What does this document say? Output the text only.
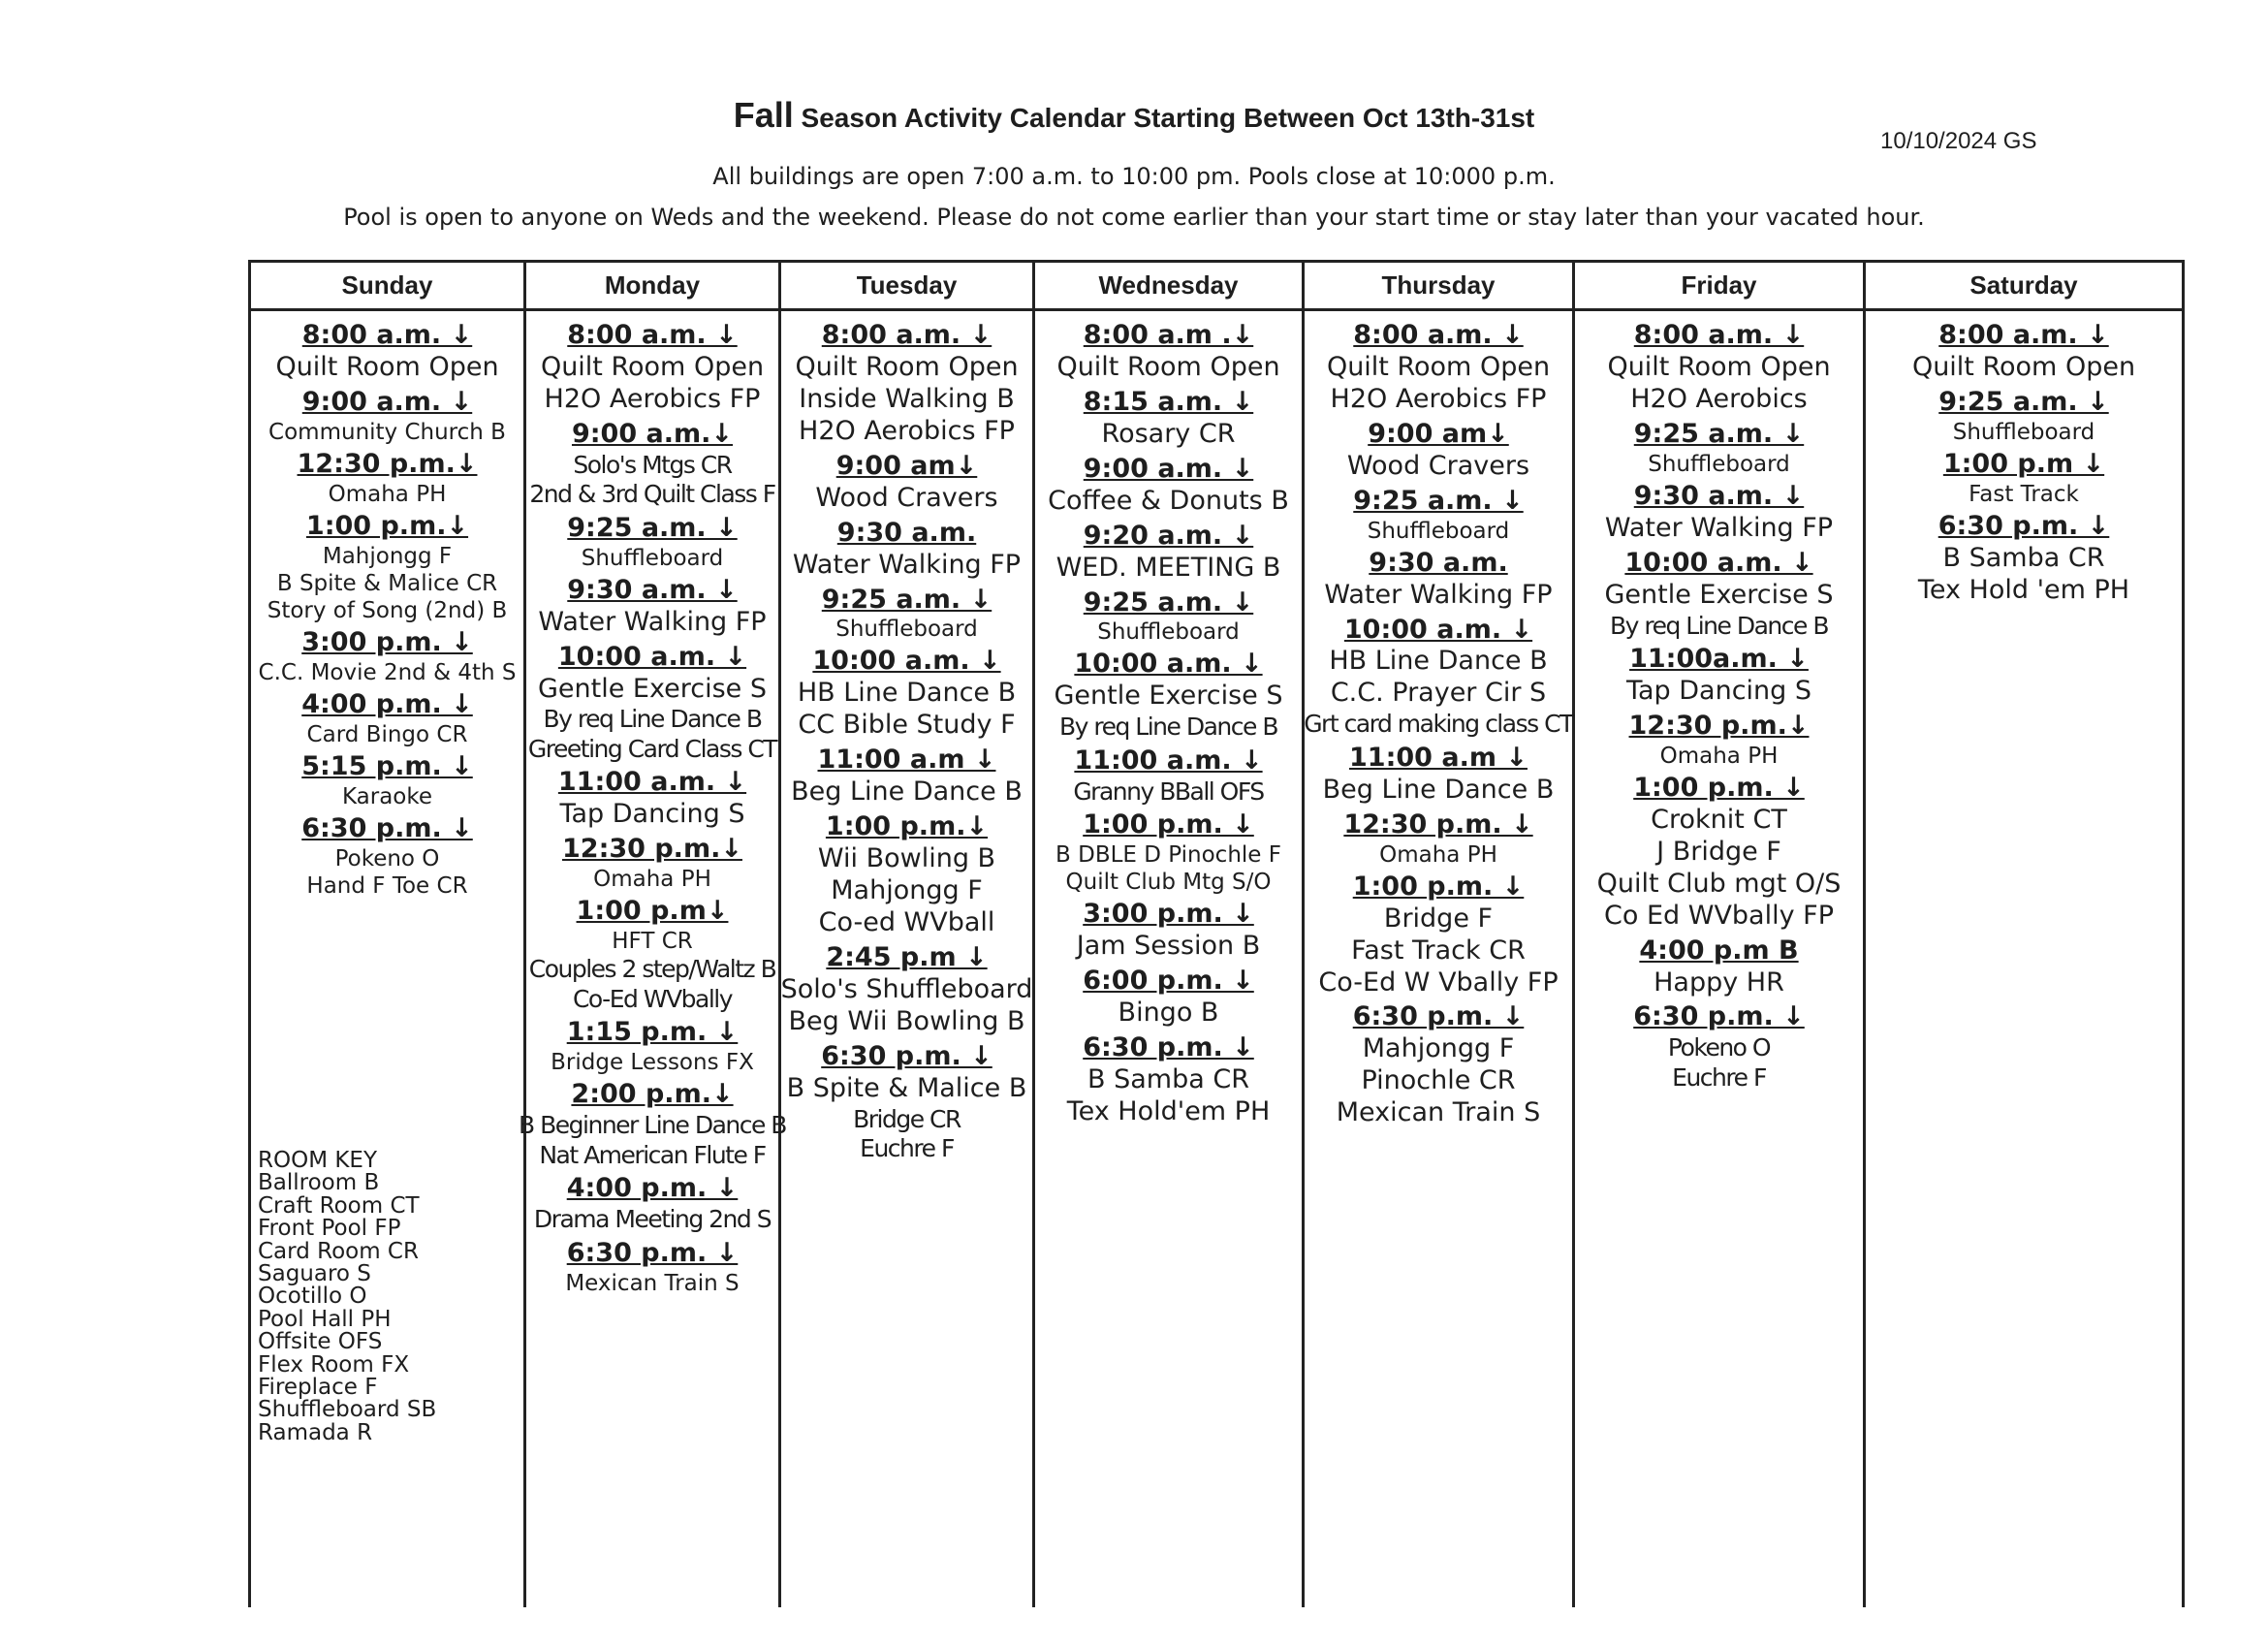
Fall Season Activity Calendar Starting Between Oct 13th-31st
10/10/2024 GS
All buildings are open 7:00 a.m. to 10:00 pm. Pools close at 10:000 p.m.
Pool is open to anyone on Weds and the weekend. Please do not come earlier than your start time or stay later than your vacated hour.
Sunday
8:00 a.m. ↓
Quilt Room Open
9:00 a.m. ↓
Community Church B
12:30 p.m.↓
Omaha PH
1:00 p.m.↓
Mahjongg F
B Spite & Malice CR
Story of Song (2nd) B
3:00 p.m. ↓
C.C. Movie 2nd & 4th S
4:00 p.m. ↓
Card Bingo CR
5:15 p.m. ↓
Karaoke
6:30 p.m. ↓
Pokeno O
Hand F Toe CR
Monday
8:00 a.m. ↓
Quilt Room Open
H2O Aerobics FP
9:00 a.m.↓
Solo's Mtgs CR
2nd & 3rd Quilt Class F
9:25 a.m. ↓
Shuffleboard
9:30 a.m. ↓
Water Walking FP
10:00 a.m. ↓
Gentle Exercise S
By req Line Dance B
Greeting Card Class CT
11:00 a.m. ↓
Tap Dancing S
12:30 p.m.↓
Omaha PH
1:00 p.m↓
HFT CR
Couples 2 step/Waltz B
Co-Ed WVbally
1:15 p.m. ↓
Bridge Lessons FX
2:00 p.m.↓
B Beginner Line Dance B
Nat American Flute F
4:00 p.m. ↓
Drama Meeting 2nd S
6:30 p.m. ↓
Mexican Train S
Tuesday
8:00 a.m. ↓
Quilt Room Open
Inside Walking B
H2O Aerobics FP
9:00 am↓
Wood Cravers
9:30 a.m.
Water Walking FP
9:25 a.m. ↓
Shuffleboard
10:00 a.m. ↓
HB Line Dance B
CC Bible Study F
11:00 a.m ↓
Beg Line Dance B
1:00 p.m.↓
Wii Bowling B
Mahjongg F
Co-ed WVball
2:45 p.m ↓
Solo's Shuffleboard
Beg Wii Bowling B
6:30 p.m. ↓
B Spite & Malice B
Bridge CR
Euchre F
Wednesday
8:00 a.m .↓
Quilt Room Open
8:15 a.m. ↓
Rosary CR
9:00 a.m. ↓
Coffee & Donuts B
9:20 a.m. ↓
WED. MEETING B
9:25 a.m. ↓
Shuffleboard
10:00 a.m. ↓
Gentle Exercise S
By req Line Dance B
11:00 a.m. ↓
Granny BBall OFS
1:00 p.m. ↓
B DBLE D Pinochle F
Quilt Club Mtg S/O
3:00 p.m. ↓
Jam Session B
6:00 p.m. ↓
Bingo B
6:30 p.m. ↓
B Samba CR
Tex Hold'em PH
Thursday
8:00 a.m. ↓
Quilt Room Open
H2O Aerobics FP
9:00 am↓
Wood Cravers
9:25 a.m. ↓
Shuffleboard
9:30 a.m.
Water Walking FP
10:00 a.m. ↓
HB Line Dance B
C.C. Prayer Cir S
Grt card making class CT
11:00 a.m ↓
Beg Line Dance B
12:30 p.m. ↓
Omaha PH
1:00 p.m. ↓
Bridge F
Fast Track CR
Co-Ed W Vbally FP
6:30 p.m. ↓
Mahjongg F
Pinochle CR
Mexican Train S
Friday
8:00 a.m. ↓
Quilt Room Open
H2O Aerobics
9:25 a.m. ↓
Shuffleboard
9:30 a.m. ↓
Water Walking FP
10:00 a.m. ↓
Gentle Exercise S
By req Line Dance B
11:00a.m. ↓
Tap Dancing S
12:30 p.m.↓
Omaha PH
1:00 p.m. ↓
Croknit CT
J Bridge F
Quilt Club mgt O/S
Co Ed WVbally FP
4:00 p.m B
Happy HR
6:30 p.m. ↓
Pokeno O
Euchre F
Saturday
8:00 a.m. ↓
Quilt Room Open
9:25 a.m. ↓
Shuffleboard
1:00 p.m ↓
Fast Track
6:30 p.m. ↓
B Samba CR
Tex Hold 'em PH
ROOM KEY
Ballroom B
Craft Room CT
Front Pool FP
Card Room CR
Saguaro S
Ocotillo O
Pool Hall PH
Offsite OFS
Flex Room FX
Fireplace F
Shuffleboard SB
Ramada R
